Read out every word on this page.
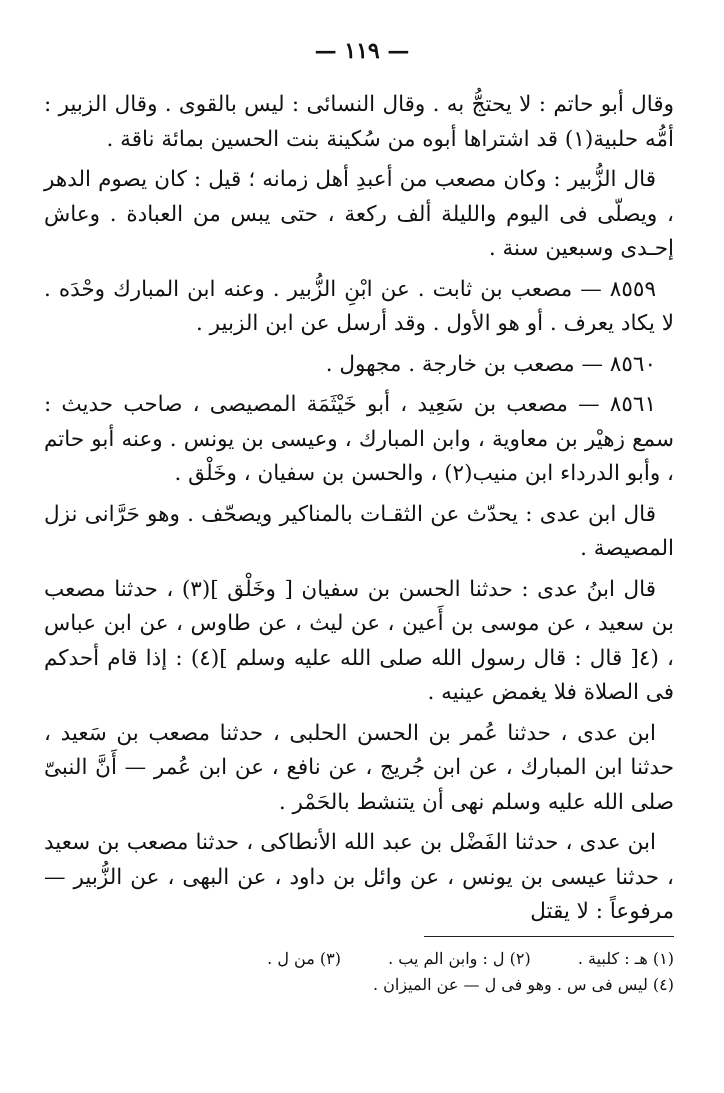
— ١١٩ —

وقال أبو حاتم : لا يحتجُّ به . وقال النسائى : ليس بالقوى . وقال الزبير : أمُّه حلبية(١) قد اشتراها أبوه من سُكينة بنت الحسين بمائة ناقة .

قال الزُّبير : وكان مصعب من أعبدِ أهل زمانه ؛ قيل : كان يصوم الدهر ، ويصلّى فى اليوم والليلة ألف ركعة ، حتى يبس من العبادة . وعاش إحـدى وسبعين سنة .

٨٥٥٩ — مصعب بن ثابت . عن ابْنِ الزُّبير . وعنه ابن المبارك وحْدَه . لا يكاد يعرف . أو هو الأول . وقد أرسل عن ابن الزبير .

٨٥٦٠ — مصعب بن خارجة . مجهول .

٨٥٦١ — مصعب بن سَعِيد ، أبو خَيْثَمَة المصيصى ، صاحب حديث : سمع زهيْر بن معاوية ، وابن المبارك ، وعيسى بن يونس . وعنه أبو حاتم ، وأبو الدرداء ابن منيب(٢) ، والحسن بن سفيان ، وخَلْق .

قال ابن عدى : يحدّث عن الثقـات بالمناكير ويصحّف . وهو حَرَّانى نزل المصيصة .

قال ابنُ عدى : حدثنا الحسن بن سفيان [ وخَلْق ](٣) ، حدثنا مصعب بن سعيد ، عن موسى بن أَعين ، عن ليث ، عن طاوس ، عن ابن عباس ، (٤[ قال : قال رسول الله صلى الله عليه وسلم ](٤) : إذا قام أحدكم فى الصلاة فلا يغمض عينيه .

ابن عدى ، حدثنا عُمر بن الحسن الحلبى ، حدثنا مصعب بن سَعيد ، حدثنا ابن المبارك ، عن ابن جُريج ، عن نافع ، عن ابن عُمر — أَنَّ النبىّ صلى الله عليه وسلم نهى أن يتنشط بالحَمْر .

ابن عدى ، حدثنا الفَضْل بن عبد الله الأنطاكى ، حدثنا مصعب بن سعيد ، حدثنا عيسى بن يونس ، عن وائل بن داود ، عن البهى ، عن الزُّبير — مرفوعاً : لا يقتل

(١) هـ : كلبية . (٢) ل : وابن الم يب . (٣) من ل .
(٤) ليس فى س . وهو فى ل — عن الميزان .
